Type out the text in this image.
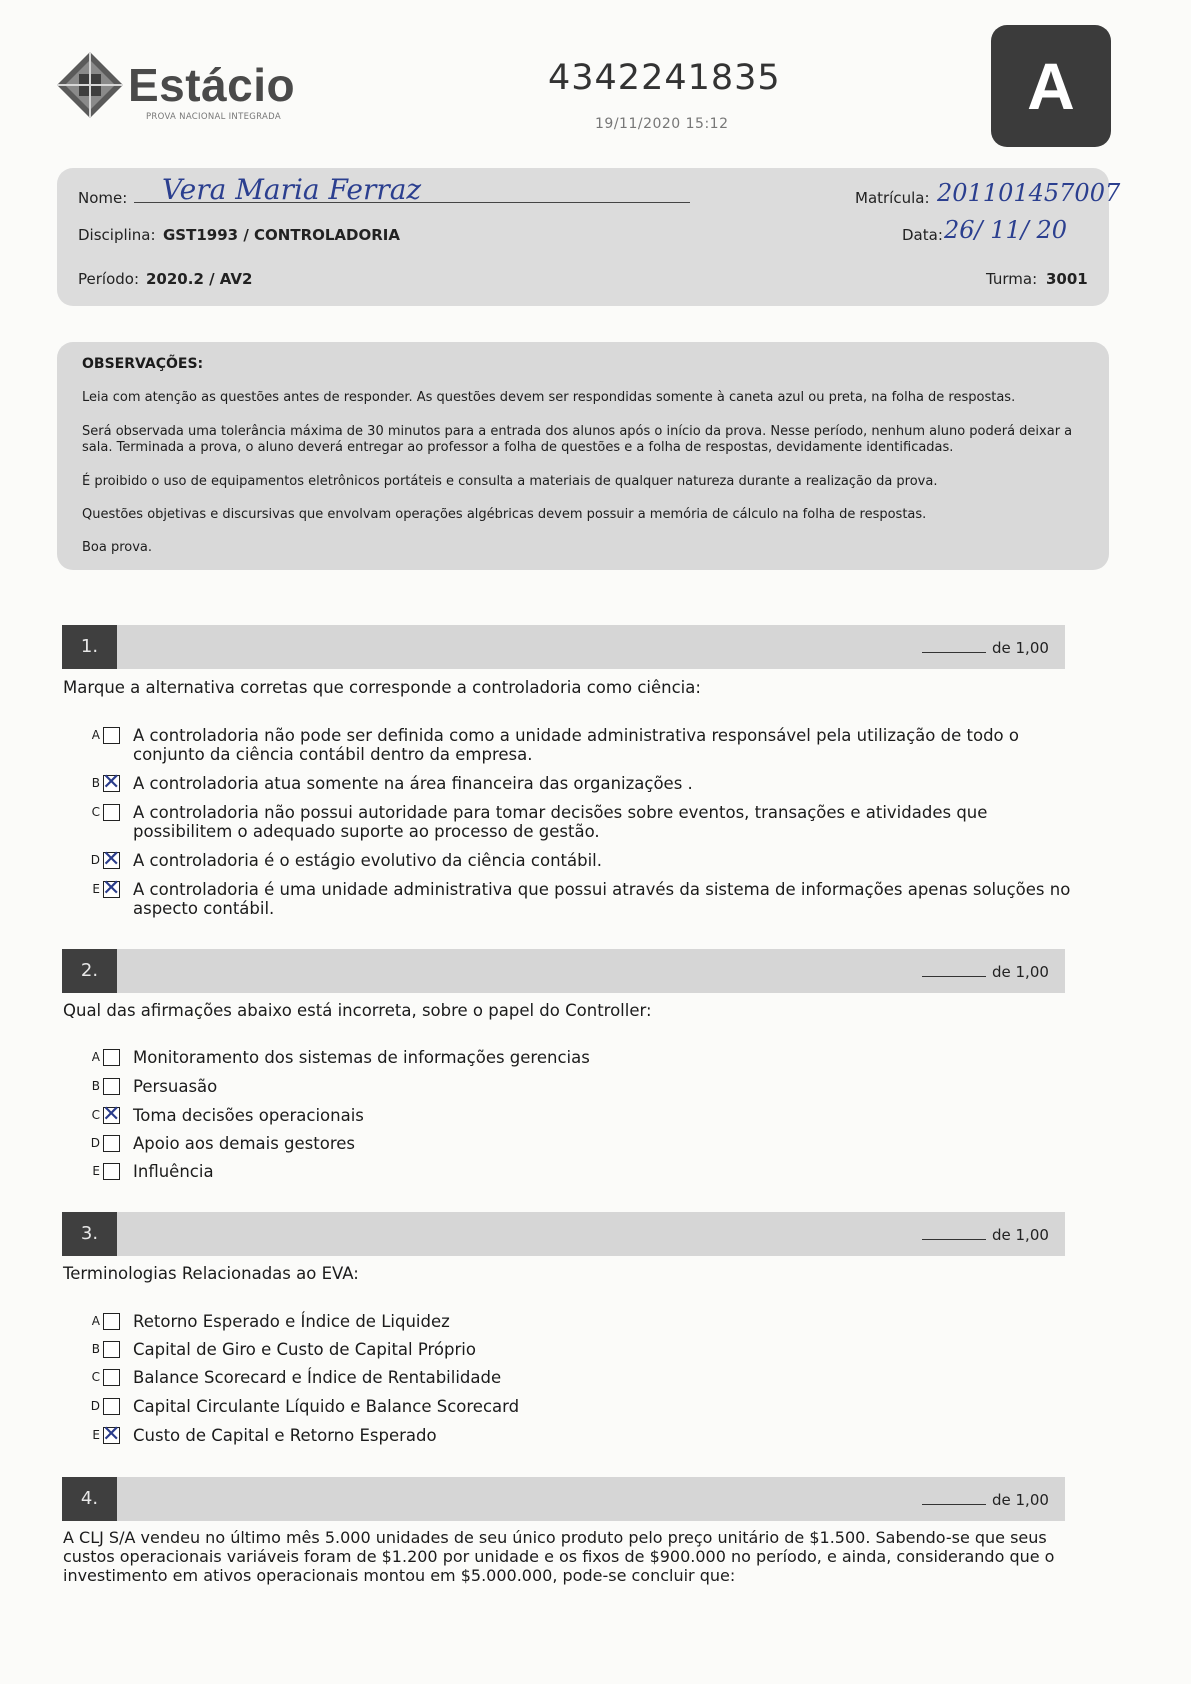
Estácio
PROVA NACIONAL INTEGRADA
4342241835
19/11/2020 15:12
A
Nome: Vera Maria Ferraz	Matrícula: 201101457007
Disciplina: GST1993 / CONTROLADORIA	Data: 26/ 11/ 20
Período: 2020.2 / AV2	Turma: 3001
OBSERVAÇÕES:
Leia com atenção as questões antes de responder. As questões devem ser respondidas somente à caneta azul ou preta, na folha de respostas.
Será observada uma tolerância máxima de 30 minutos para a entrada dos alunos após o início da prova. Nesse período, nenhum aluno poderá deixar a sala. Terminada a prova, o aluno deverá entregar ao professor a folha de questões e a folha de respostas, devidamente identificadas.
É proibido o uso de equipamentos eletrônicos portáteis e consulta a materiais de qualquer natureza durante a realização da prova.
Questões objetivas e discursivas que envolvam operações algébricas devem possuir a memória de cálculo na folha de respostas.
Boa prova.
1.	de 1,00
Marque a alternativa corretas que corresponde a controladoria como ciência:
A A controladoria não pode ser definida como a unidade administrativa responsável pela utilização de todo o conjunto da ciência contábil dentro da empresa.
B ✕ A controladoria atua somente na área financeira das organizações .
C A controladoria não possui autoridade para tomar decisões sobre eventos, transações e atividades que possibilitem o adequado suporte ao processo de gestão.
D ✕ A controladoria é o estágio evolutivo da ciência contábil.
E ✕ A controladoria é uma unidade administrativa que possui através da sistema de informações apenas soluções no aspecto contábil.
2.	de 1,00
Qual das afirmações abaixo está incorreta, sobre o papel do Controller:
A Monitoramento dos sistemas de informações gerencias
B Persuasão
C ✕ Toma decisões operacionais
D Apoio aos demais gestores
E Influência
3.	de 1,00
Terminologias Relacionadas ao EVA:
A Retorno Esperado e Índice de Liquidez
B Capital de Giro e Custo de Capital Próprio
C Balance Scorecard e Índice de Rentabilidade
D Capital Circulante Líquido e Balance Scorecard
E ✕ Custo de Capital e Retorno Esperado
4.	de 1,00
A CLJ S/A vendeu no último mês 5.000 unidades de seu único produto pelo preço unitário de $1.500. Sabendo-se que seus custos operacionais variáveis foram de $1.200 por unidade e os fixos de $900.000 no período, e ainda, considerando que o investimento em ativos operacionais montou em $5.000.000, pode-se concluir que:
